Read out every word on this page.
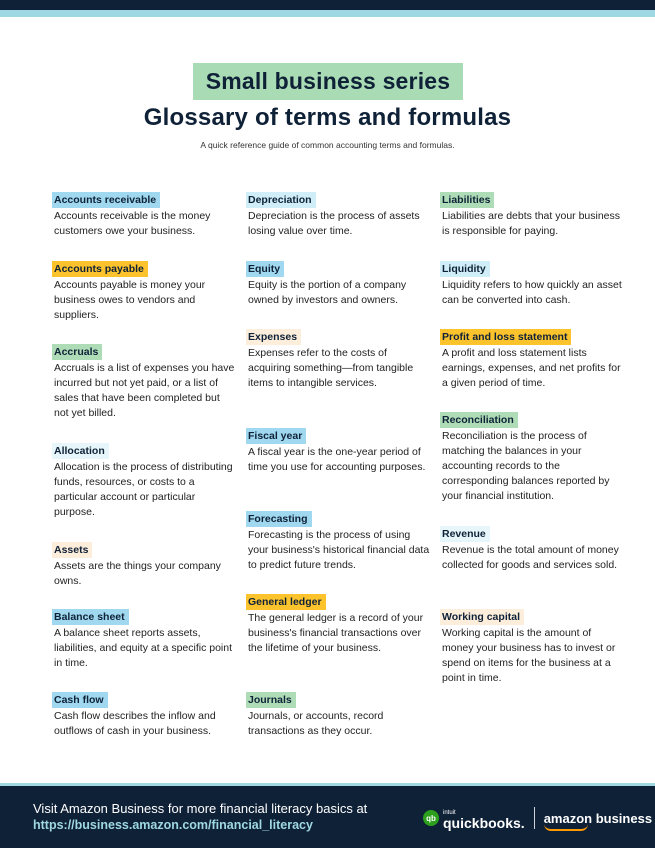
Small business series
Glossary of terms and formulas
A quick reference guide of common accounting terms and formulas.
Accounts receivable
Accounts receivable is the money customers owe your business.
Accounts payable
Accounts payable is money your business owes to vendors and suppliers.
Accruals
Accruals is a list of expenses you have incurred but not yet paid, or a list of sales that have been completed but not yet billed.
Allocation
Allocation is the process of distributing funds, resources, or costs to a particular account or particular purpose.
Assets
Assets are the things your company owns.
Balance sheet
A balance sheet reports assets, liabilities, and equity at a specific point in time.
Cash flow
Cash flow describes the inflow and outflows of cash in your business.
Depreciation
Depreciation is the process of assets losing value over time.
Equity
Equity is the portion of a company owned by investors and owners.
Expenses
Expenses refer to the costs of acquiring something—from tangible items to intangible services.
Fiscal year
A fiscal year is the one-year period of time you use for accounting purposes.
Forecasting
Forecasting is the process of using your business's historical financial data to predict future trends.
General ledger
The general ledger is a record of your business's financial transactions over the lifetime of your business.
Journals
Journals, or accounts, record transactions as they occur.
Liabilities
Liabilities are debts that your business is responsible for paying.
Liquidity
Liquidity refers to how quickly an asset can be converted into cash.
Profit and loss statement
A profit and loss statement lists earnings, expenses, and net profits for a given period of time.
Reconciliation
Reconciliation is the process of matching the balances in your accounting records to the corresponding balances reported by your financial institution.
Revenue
Revenue is the total amount of money collected for goods and services sold.
Working capital
Working capital is the amount of money your business has to invest or spend on items for the business at a point in time.
Visit Amazon Business for more financial literacy basics at
https://business.amazon.com/financial_literacy	qb
intuit
quickbooks. amazon business
